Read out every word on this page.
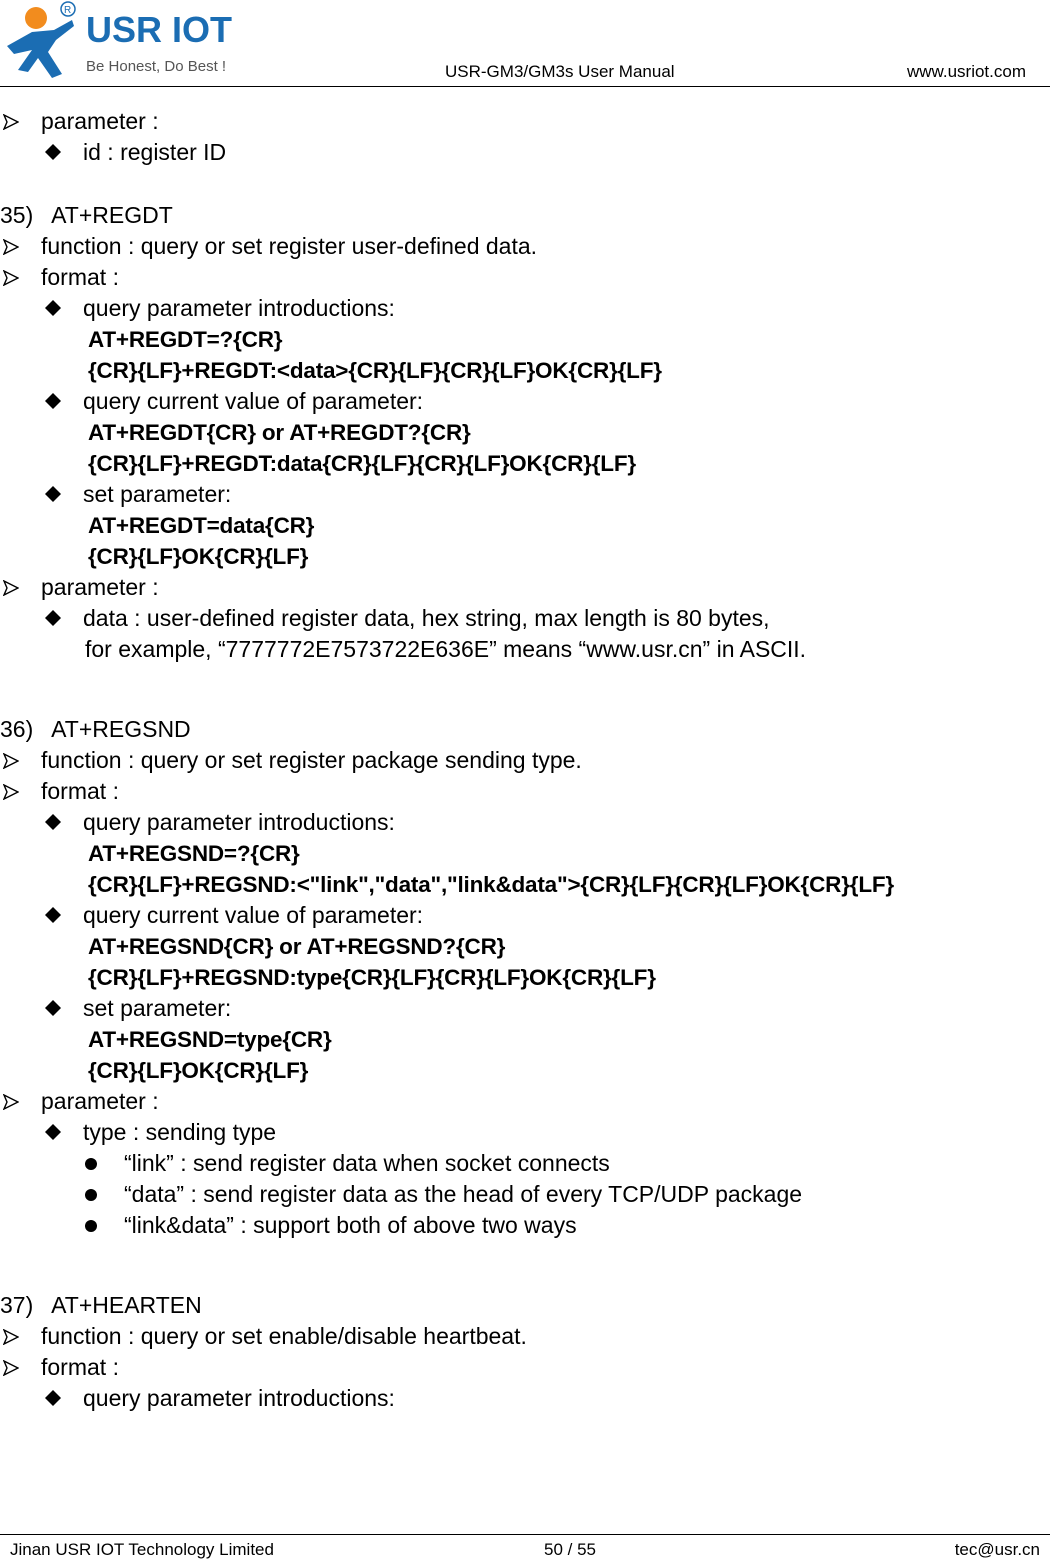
USR IOT
Be Honest, Do Best !
R
USR-GM3/GM3s User Manual	www.usriot.com
parameter :
id : register ID
35)   AT+REGDT
function : query or set register user-defined data.
format :
query parameter introductions:
AT+REGDT=?{CR}
{CR}{LF}+REGDT:<data>{CR}{LF}{CR}{LF}OK{CR}{LF}
query current value of parameter:
AT+REGDT{CR} or AT+REGDT?{CR}
{CR}{LF}+REGDT:data{CR}{LF}{CR}{LF}OK{CR}{LF}
set parameter:
AT+REGDT=data{CR}
{CR}{LF}OK{CR}{LF}
parameter :
data : user-defined register data, hex string, max length is 80 bytes,
for example, “7777772E7573722E636E” means “www.usr.cn” in ASCII.
36)   AT+REGSND
function : query or set register package sending type.
format :
query parameter introductions:
AT+REGSND=?{CR}
{CR}{LF}+REGSND:<"link","data","link&data">{CR}{LF}{CR}{LF}OK{CR}{LF}
query current value of parameter:
AT+REGSND{CR} or AT+REGSND?{CR}
{CR}{LF}+REGSND:type{CR}{LF}{CR}{LF}OK{CR}{LF}
set parameter:
AT+REGSND=type{CR}
{CR}{LF}OK{CR}{LF}
parameter :
type : sending type
“link” : send register data when socket connects
“data” : send register data as the head of every TCP/UDP package
“link&data” : support both of above two ways
37)   AT+HEARTEN
function : query or set enable/disable heartbeat.
format :
query parameter introductions:
Jinan USR IOT Technology Limited	50 / 55	tec@usr.cn
